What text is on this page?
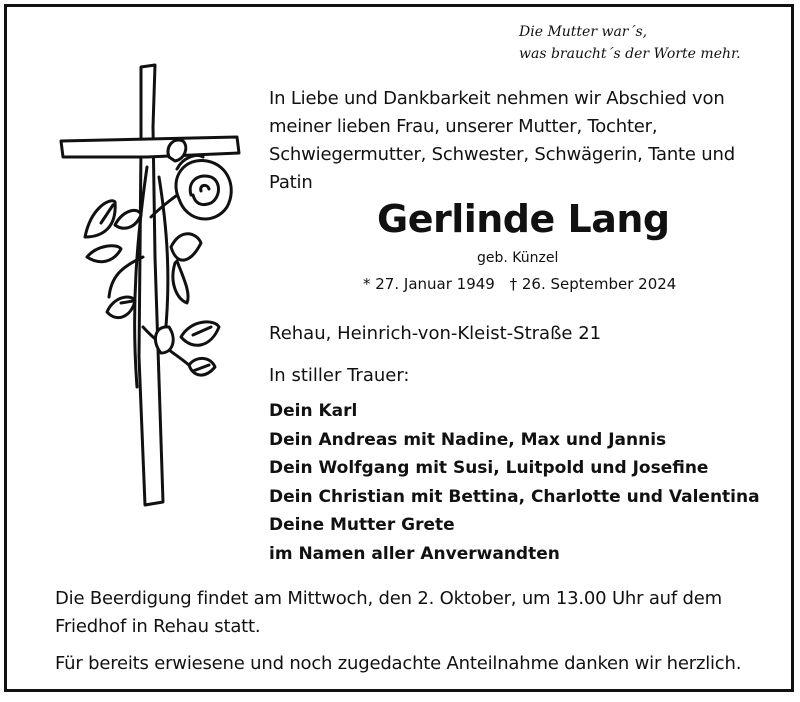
Die Mutter war´s,
was braucht´s der Worte mehr.
In Liebe und Dankbarkeit nehmen wir Abschied von
meiner lieben Frau, unserer Mutter, Tochter,
Schwiegermutter, Schwester, Schwägerin, Tante und
Patin
Gerlinde Lang
geb. Künzel
* 27. Januar 1949 † 26. September 2024
Rehau, Heinrich-von-Kleist-Straße 21
In stiller Trauer:
Dein Karl
Dein Andreas mit Nadine, Max und Jannis
Dein Wolfgang mit Susi, Luitpold und Josefine
Dein Christian mit Bettina, Charlotte und Valentina
Deine Mutter Grete
im Namen aller Anverwandten
Die Beerdigung findet am Mittwoch, den 2. Oktober, um 13.00 Uhr auf dem
Friedhof in Rehau statt.
Für bereits erwiesene und noch zugedachte Anteilnahme danken wir herzlich.
